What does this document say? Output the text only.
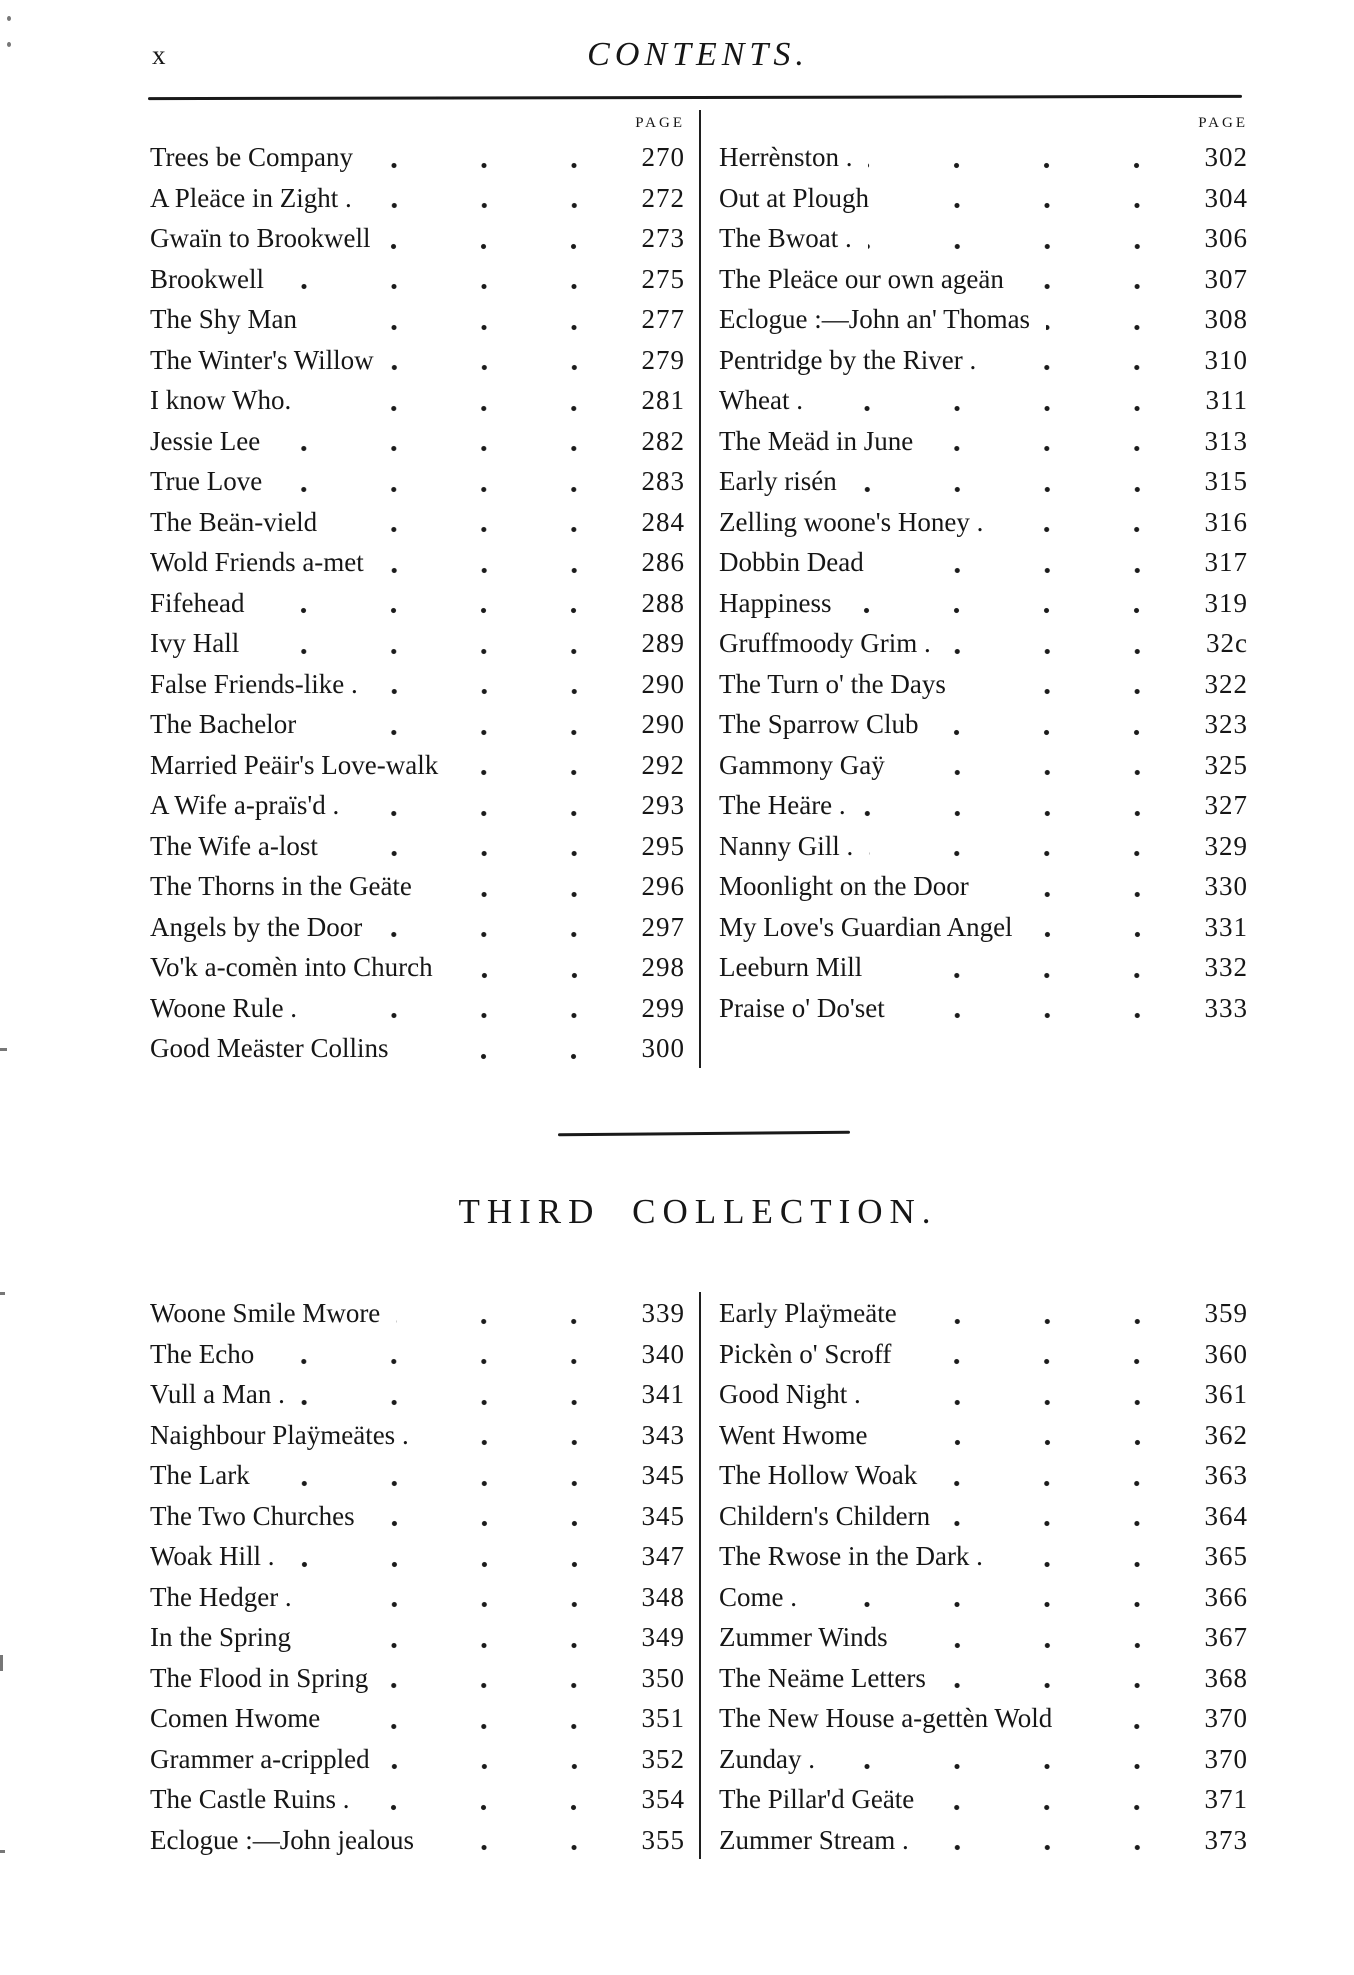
x	CONTENTS.
PAGE
Trees be Company	270
A Pleäce in Zight .	272
Gwaïn to Brookwell	273
Brookwell	275
The Shy Man	277
The Winter's Willow	279
I know Who.	281
Jessie Lee	282
True Love	283
The Beän-vield	284
Wold Friends a-met	286
Fifehead	288
Ivy Hall	289
False Friends-like .	290
The Bachelor	290
Married Peäir's Love-walk	292
A Wife a-praïs'd .	293
The Wife a-lost	295
The Thorns in the Geäte	296
Angels by the Door	297
Vo'k a-comèn into Church	298
Woone Rule .	299
Good Meäster Collins	300
PAGE
Herrènston .	302
Out at Plough	304
The Bwoat .	306
The Pleäce our own ageän	307
Eclogue :—John an' Thomas	308
Pentridge by the River .	310
Wheat .	311
The Meäd in June	313
Early risén	315
Zelling woone's Honey .	316
Dobbin Dead	317
Happiness	319
Gruffmoody Grim .	32c
The Turn o' the Days	322
The Sparrow Club	323
Gammony Gaÿ	325
The Heäre .	327
Nanny Gill .	329
Moonlight on the Door	330
My Love's Guardian Angel	331
Leeburn Mill	332
Praise o' Do'set	333
THIRD COLLECTION.
Woone Smile Mwore	339
The Echo	340
Vull a Man .	341
Naighbour Plaÿmeätes .	343
The Lark	345
The Two Churches	345
Woak Hill .	347
The Hedger .	348
In the Spring	349
The Flood in Spring	350
Comen Hwome	351
Grammer a-crippled	352
The Castle Ruins .	354
Eclogue :—John jealous	355
Early Plaÿmeäte	359
Pickèn o' Scroff	360
Good Night .	361
Went Hwome	362
The Hollow Woak	363
Childern's Childern	364
The Rwose in the Dark .	365
Come .	366
Zummer Winds	367
The Neäme Letters	368
The New House a-gettèn Wold	370
Zunday .	370
The Pillar'd Geäte	371
Zummer Stream .	373
